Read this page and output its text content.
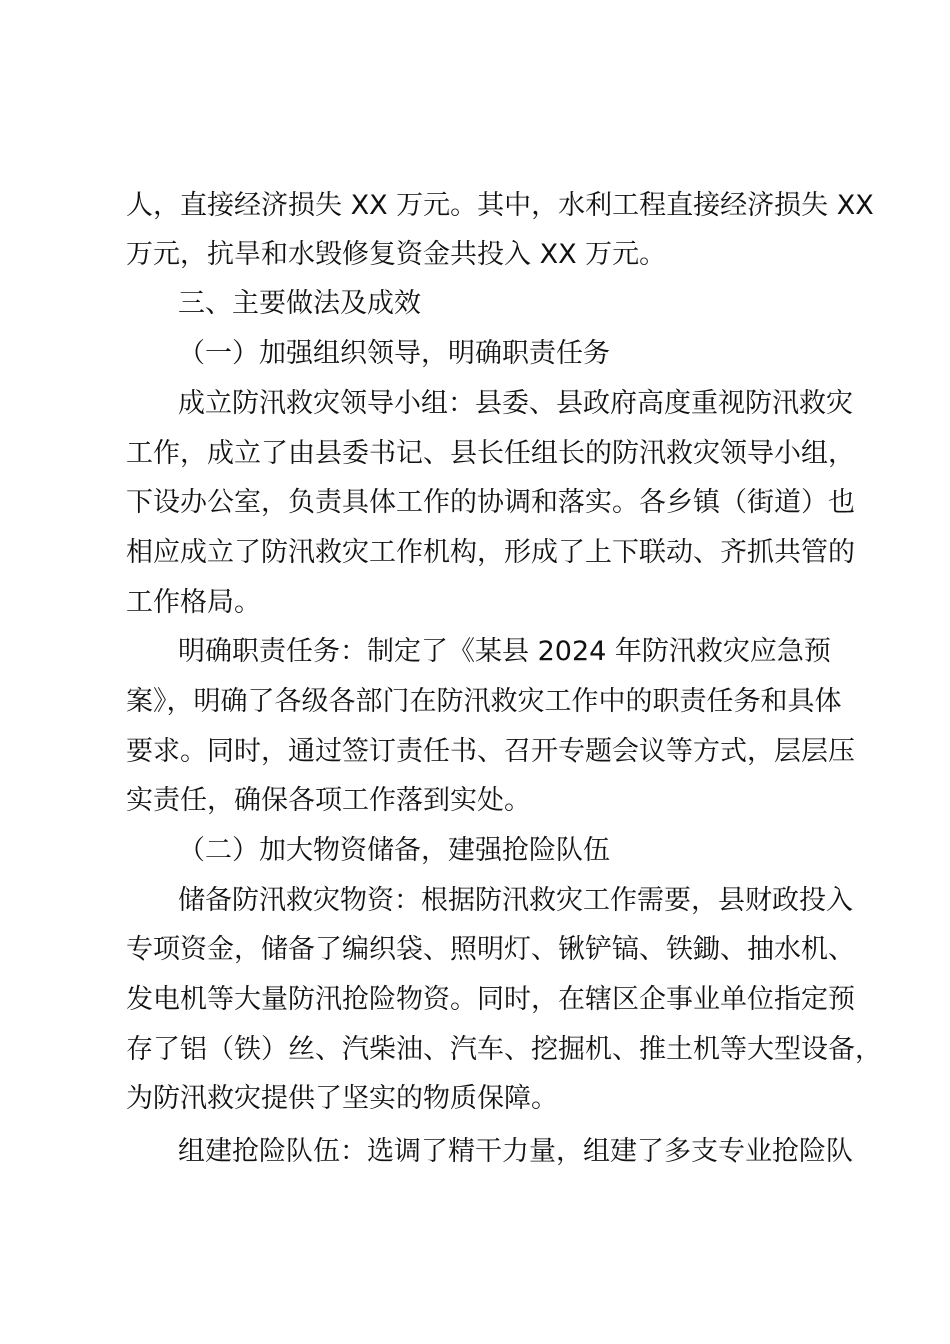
人，直接经济损失 XX 万元。其中，水利工程直接经济损失 XX
万元，抗旱和水毁修复资金共投入 XX 万元。
三、主要做法及成效
（一）加强组织领导，明确职责任务
成立防汛救灾领导小组：县委、县政府高度重视防汛救灾
工作，成立了由县委书记、县长任组长的防汛救灾领导小组，
下设办公室，负责具体工作的协调和落实。各乡镇（街道）也
相应成立了防汛救灾工作机构，形成了上下联动、齐抓共管的
工作格局。
明确职责任务：制定了《某县 2024 年防汛救灾应急预
案》，明确了各级各部门在防汛救灾工作中的职责任务和具体
要求。同时，通过签订责任书、召开专题会议等方式，层层压
实责任，确保各项工作落到实处。
（二）加大物资储备，建强抢险队伍
储备防汛救灾物资：根据防汛救灾工作需要，县财政投入
专项资金，储备了编织袋、照明灯、锹铲镐、铁鋤、抽水机、
发电机等大量防汛抢险物资。同时，在辖区企事业单位指定预
存了铝（铁）丝、汽柴油、汽车、挖掘机、推土机等大型设备，
为防汛救灾提供了坚实的物质保障。
组建抢险队伍：选调了精干力量，组建了多支专业抢险队
